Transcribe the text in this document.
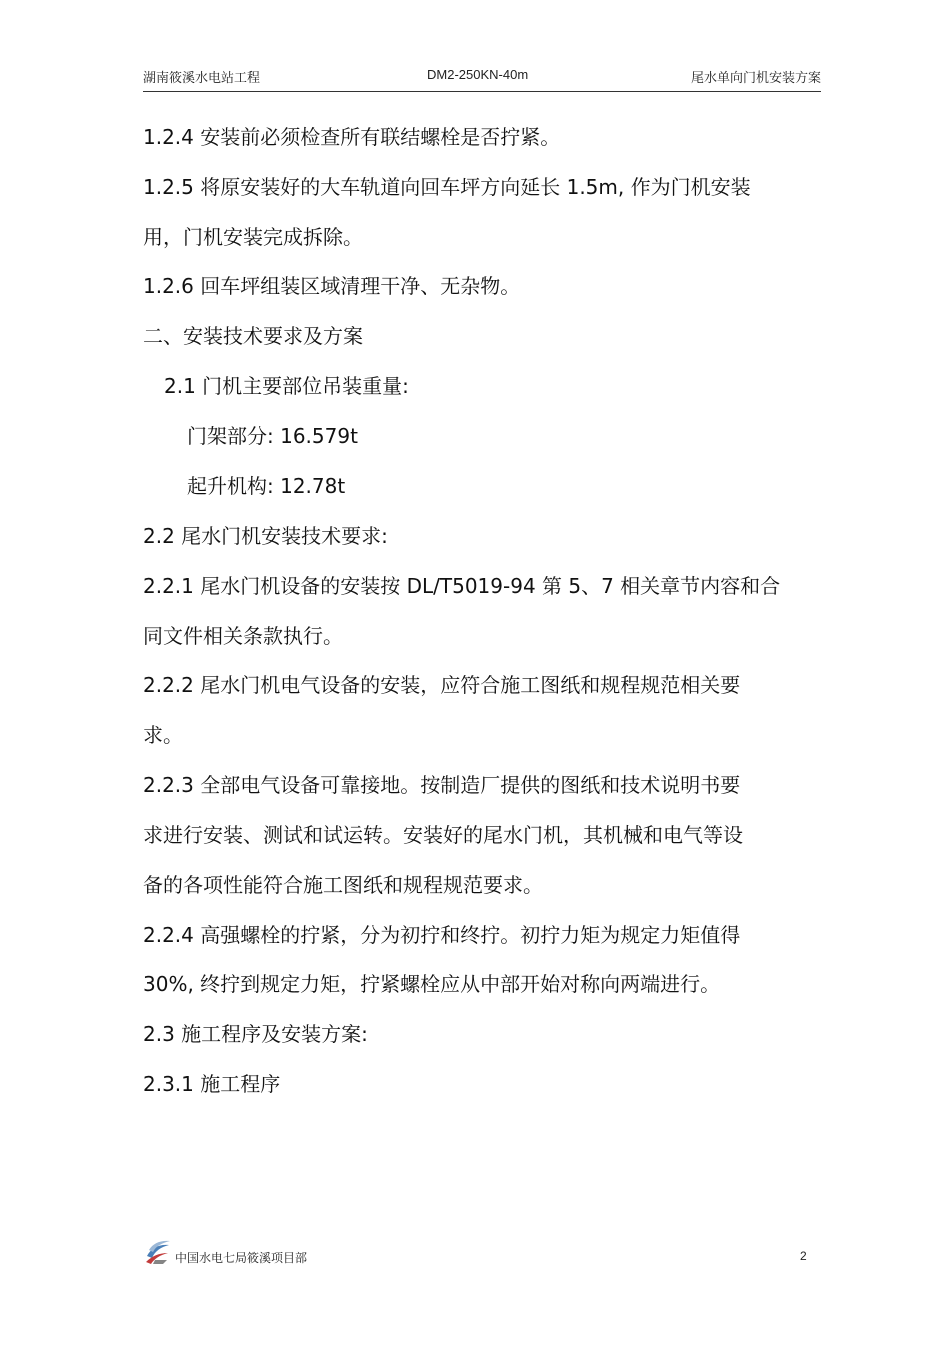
湖南筱溪水电站工程	DM2-250KN-40m	尾水单向门机安装方案
1.2.4 安装前必须检查所有联结螺栓是否拧紧。
1.2.5 将原安装好的大车轨道向回车坪方向延长 1.5m, 作为门机安装
用，门机安装完成拆除。
1.2.6 回车坪组装区域清理干净、无杂物。
二、安装技术要求及方案
2.1 门机主要部位吊装重量:
门架部分: 16.579t
起升机构: 12.78t
2.2 尾水门机安装技术要求:
2.2.1 尾水门机设备的安装按 DL/T5019-94 第 5、7 相关章节内容和合
同文件相关条款执行。
2.2.2 尾水门机电气设备的安装，应符合施工图纸和规程规范相关要
求。
2.2.3 全部电气设备可靠接地。按制造厂提供的图纸和技术说明书要
求进行安装、测试和试运转。安装好的尾水门机，其机械和电气等设
备的各项性能符合施工图纸和规程规范要求。
2.2.4 高强螺栓的拧紧，分为初拧和终拧。初拧力矩为规定力矩值得
30%, 终拧到规定力矩，拧紧螺栓应从中部开始对称向两端进行。
2.3 施工程序及安装方案:
2.3.1 施工程序
中国水电七局筱溪项目部	2
